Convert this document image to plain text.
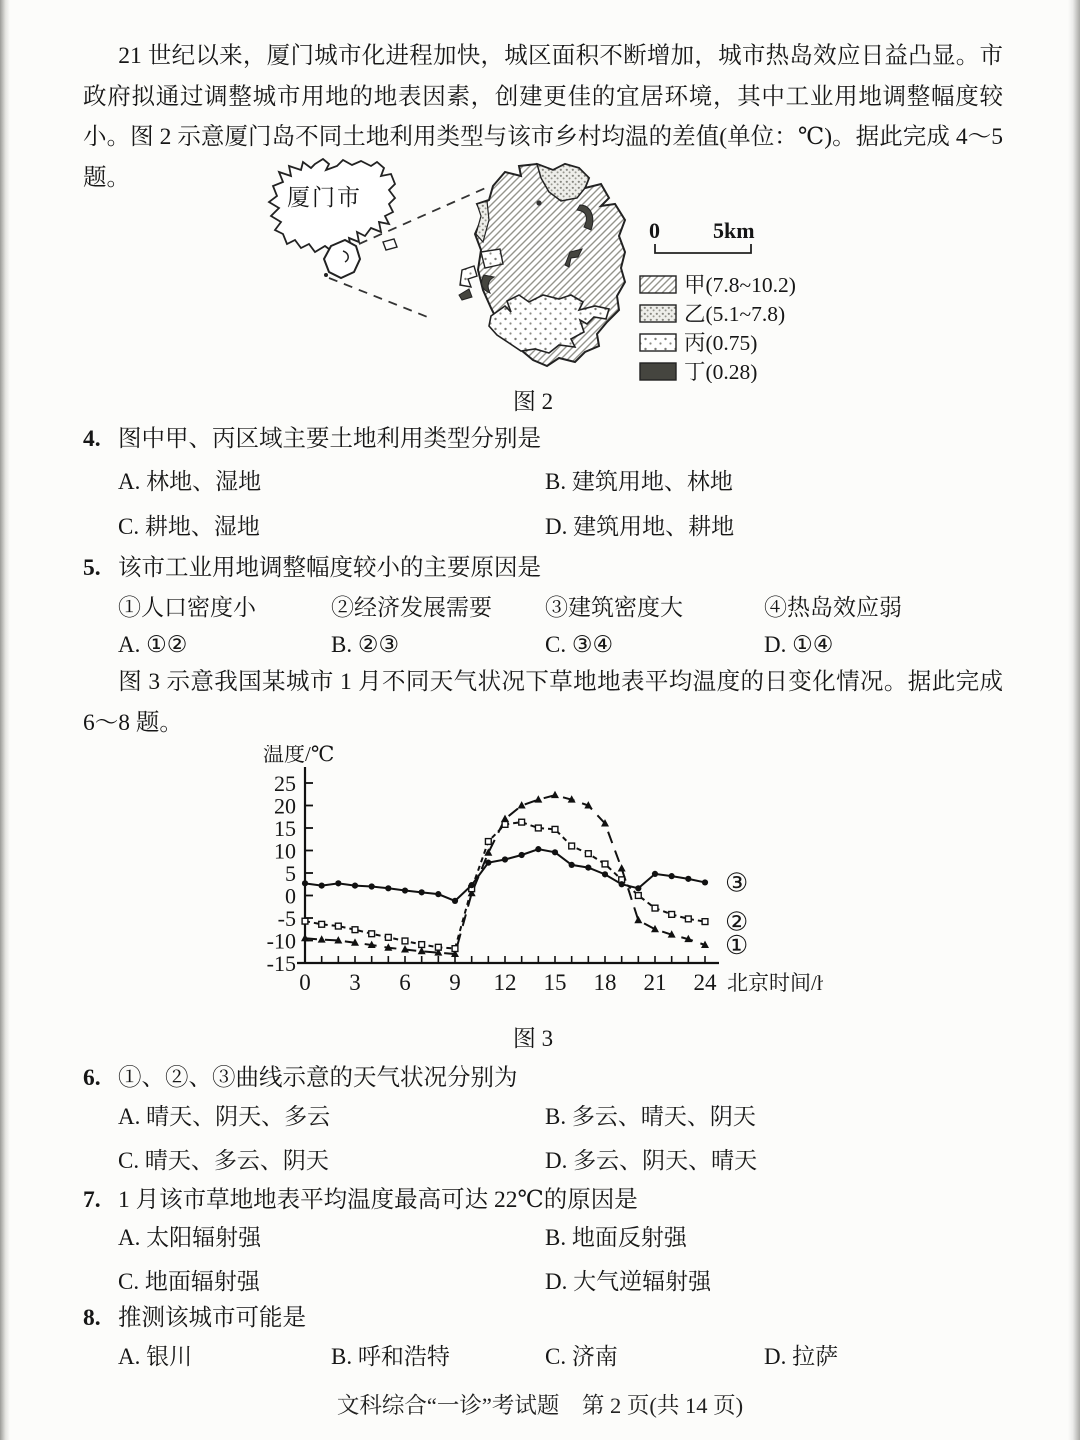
21 世纪以来，厦门城市化进程加快，城区面积不断增加，城市热岛效应日益凸显。市政府拟通过调整城市用地的地表因素，创建更佳的宜居环境，其中工业用地调整幅度较小。图 2 示意厦门岛不同土地利用类型与该市乡村均温的差值(单位：℃)。据此完成 4～5 题。
厦门市
0 5km
甲(7.8~10.2)
乙(5.1~7.8)
丙(0.75)
丁(0.28)
图 2
4. 图中甲、丙区域主要土地利用类型分别是
A. 林地、湿地	B. 建筑用地、林地
C. 耕地、湿地	D. 建筑用地、耕地
5. 该市工业用地调整幅度较小的主要原因是
①人口密度小	②经济发展需要	③建筑密度大	④热岛效应弱
A. ①②	B. ②③	C. ③④	D. ①④
图 3 示意我国某城市 1 月不同天气状况下草地地表平均温度的日变化情况。据此完成 6～8 题。
25
20
15
10
5
0
-5
-10
-15
0 3 6 9 12 15 18 21 24
温度/℃
北京时间/h
①
②
③
图 3
6. ①、②、③曲线示意的天气状况分别为
A. 晴天、阴天、多云	B. 多云、晴天、阴天
C. 晴天、多云、阴天	D. 多云、阴天、晴天
7. 1 月该市草地地表平均温度最高可达 22℃的原因是
A. 太阳辐射强	B. 地面反射强
C. 地面辐射强	D. 大气逆辐射强
8. 推测该城市可能是
A. 银川	B. 呼和浩特	C. 济南	D. 拉萨
文科综合“一诊”考试题　第 2 页(共 14 页)
